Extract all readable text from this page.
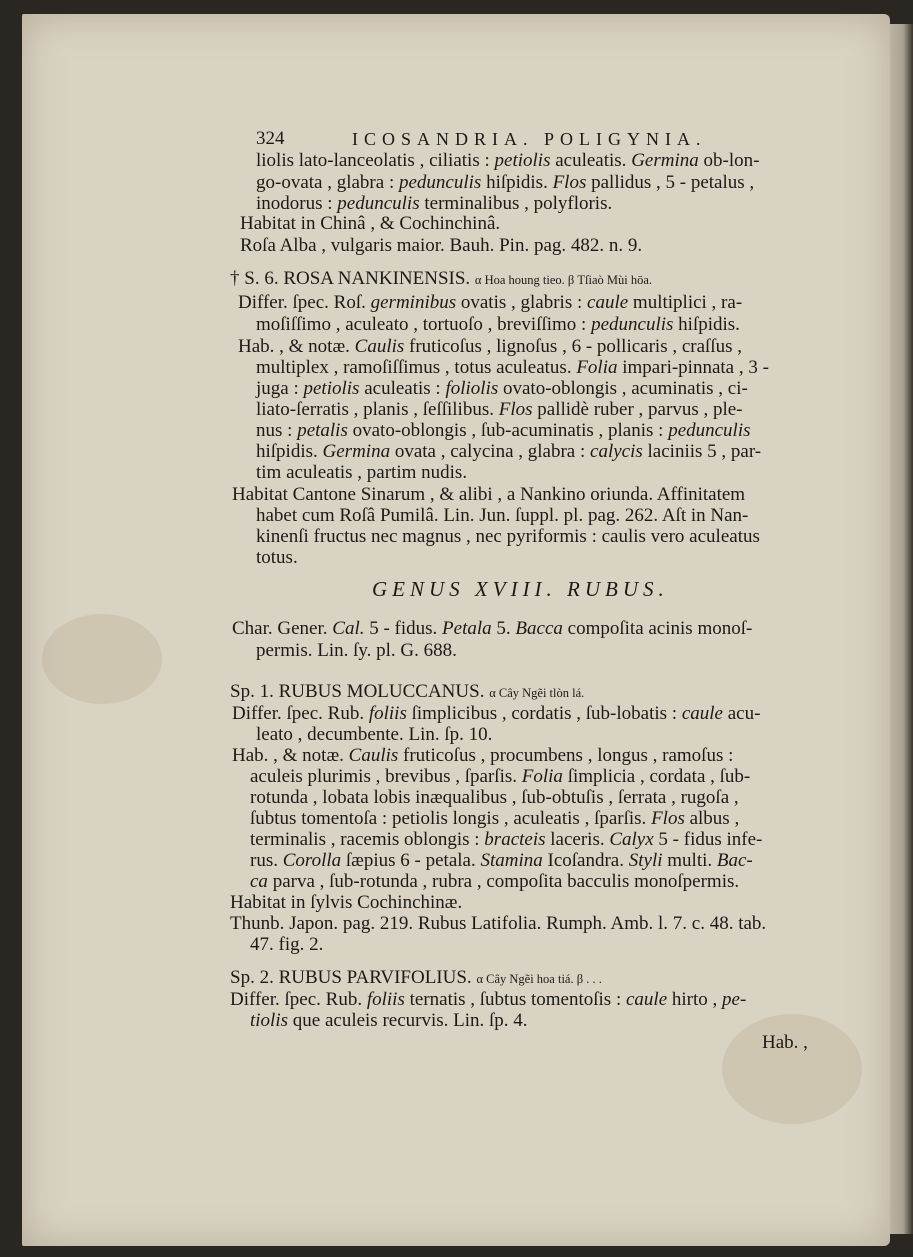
324	ICOSANDRIA. POLIGYNIA.
liolis lato-lanceolatis , ciliatis : petiolis aculeatis. Germina ob-lon-
go-ovata , glabra : pedunculis hiſpidis. Flos pallidus , 5 - petalus ,
inodorus : pedunculis terminalibus , polyfloris.
Habitat in Chinâ , & Cochinchinâ.
Roſa Alba , vulgaris maior. Bauh. Pin. pag. 482. n. 9.
† S. 6. ROSA NANKINENSIS. α Hoa houng tieo. β Tſiaò Mùi hōa.
Differ. ſpec. Roſ. germinibus ovatis , glabris : caule multiplici , ra-
moſiſſimo , aculeato , tortuoſo , breviſſimo : pedunculis hiſpidis.
Hab. , & notæ. Caulis fruticoſus , lignoſus , 6 - pollicaris , craſſus ,
multiplex , ramoſiſſimus , totus aculeatus. Folia impari-pinnata , 3 -
juga : petiolis aculeatis : foliolis ovato-oblongis , acuminatis , ci-
liato-ſerratis , planis , ſeſſilibus. Flos pallidè ruber , parvus , ple-
nus : petalis ovato-oblongis , ſub-acuminatis , planis : pedunculis
hiſpidis. Germina ovata , calycina , glabra : calycis laciniis 5 , par-
tim aculeatis , partim nudis.
Habitat Cantone Sinarum , & alibi , a Nankino oriunda. Affinitatem
habet cum Roſâ Pumilâ. Lin. Jun. ſuppl. pl. pag. 262. Aſt in Nan-
kinenſi fructus nec magnus , nec pyriformis : caulis vero aculeatus
totus.
GENUS XVIII. RUBUS.
Char. Gener. Cal. 5 - fidus. Petala 5. Bacca compoſita acinis monoſ-
permis. Lin. ſy. pl. G. 688.
Sp. 1. RUBUS MOLUCCANUS. α Cây Ngẽi tlòn lá.
Differ. ſpec. Rub. foliis ſimplicibus , cordatis , ſub-lobatis : caule acu-
leato , decumbente. Lin. ſp. 10.
Hab. , & notæ. Caulis fruticoſus , procumbens , longus , ramoſus :
aculeis plurimis , brevibus , ſparſis. Folia ſimplicia , cordata , ſub-
rotunda , lobata lobis inæqualibus , ſub-obtuſis , ſerrata , rugoſa ,
ſubtus tomentoſa : petiolis longis , aculeatis , ſparſis. Flos albus ,
terminalis , racemis oblongis : bracteis laceris. Calyx 5 - fidus infe-
rus. Corolla ſæpius 6 - petala. Stamina Icoſandra. Styli multi. Bac-
ca parva , ſub-rotunda , rubra , compoſita bacculis monoſpermis.
Habitat in ſylvis Cochinchinæ.
Thunb. Japon. pag. 219. Rubus Latifolia. Rumph. Amb. l. 7. c. 48. tab.
47. fig. 2.
Sp. 2. RUBUS PARVIFOLIUS. α Cây Ngẽi hoa tiá. β . . .
Differ. ſpec. Rub. foliis ternatis , ſubtus tomentoſis : caule hirto , pe-
tiolis que aculeis recurvis. Lin. ſp. 4.
Hab. ,
